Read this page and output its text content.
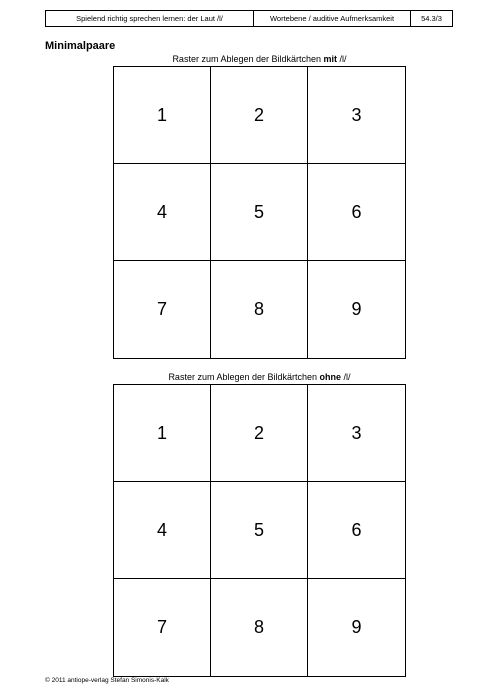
Spielend richtig sprechen lernen: der Laut /l/	Wortebene / auditive Aufmerksamkeit	54.3/3
Minimalpaare
Raster zum Ablegen der Bildkärtchen mit /l/
1	2	3
4	5	6
7	8	9
Raster zum Ablegen der Bildkärtchen ohne /l/
1	2	3
4	5	6
7	8	9
© 2011 antiope-verlag Stefan Simonis-Kalk
